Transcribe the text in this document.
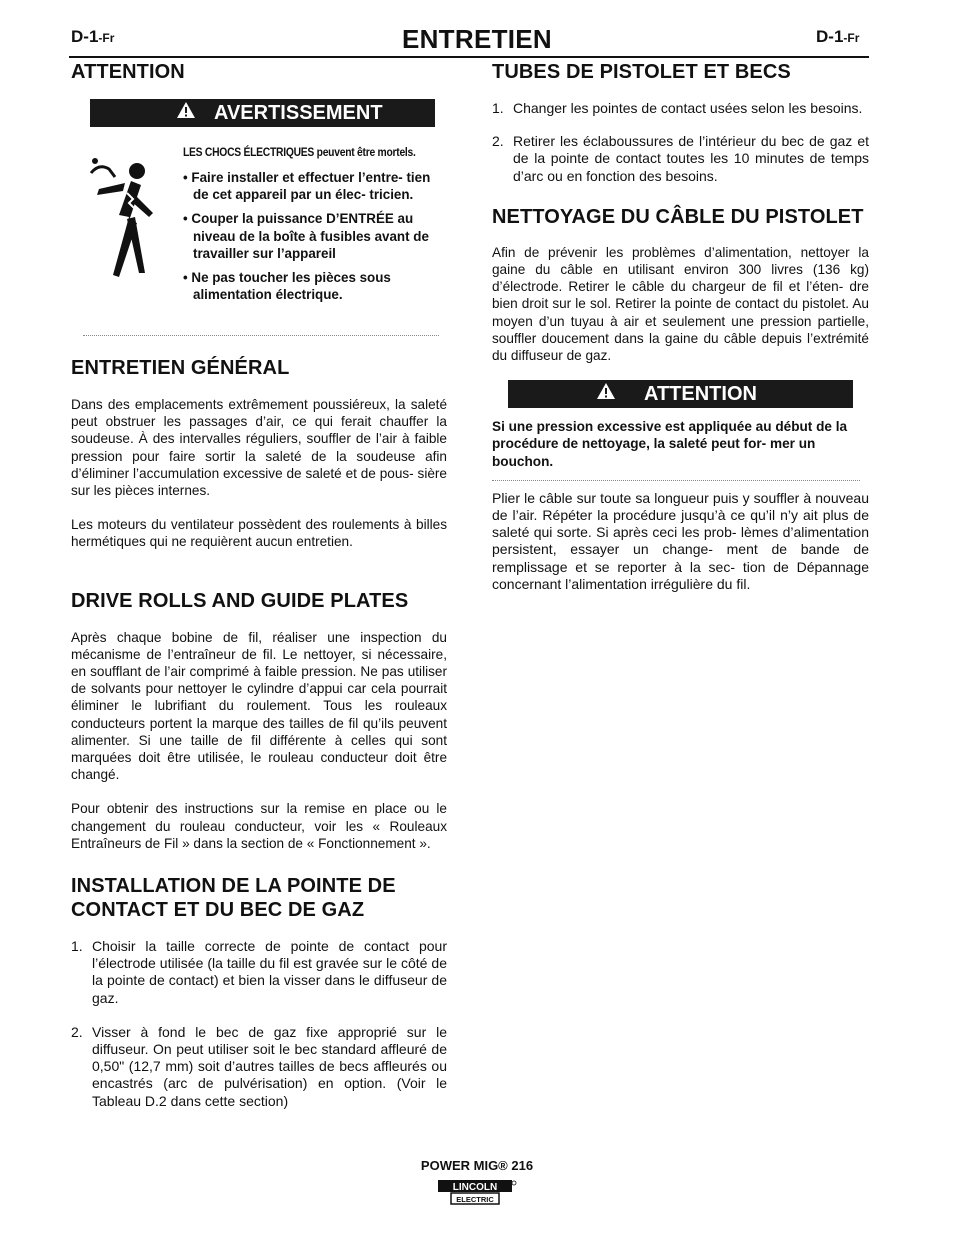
D-1-Fr	ENTRETIEN	D-1-Fr
ATTENTION
AVERTISSEMENT
LES CHOCS ÉLECTRIQUES peuvent être mortels.
• Faire installer et effectuer l’entre- tien de cet appareil par un élec- tricien.
• Couper la puissance D’ENTRÉE au niveau de la boîte à fusibles avant de travailler sur l’appareil
• Ne pas toucher les pièces sous alimentation électrique.
ENTRETIEN GÉNÉRAL

Dans des emplacements extrêmement poussiéreux, la saleté peut obstruer les passages d’air, ce qui ferait chauffer la soudeuse. À des intervalles réguliers, souffler de l’air à faible pression pour faire sortir la saleté de la soudeuse afin d’éliminer l’accumulation excessive de saleté et de pous- sière sur les pièces internes.

Les moteurs du ventilateur possèdent des roulements à billes hermétiques qui ne requièrent aucun entretien.

DRIVE ROLLS AND GUIDE PLATES

Après chaque bobine de fil, réaliser une inspection du mécanisme de l’entraîneur de fil. Le nettoyer, si nécessaire, en soufflant de l’air comprimé à faible pression. Ne pas utiliser de solvants pour nettoyer le cylindre d’appui car cela pourrait éliminer le lubrifiant du roulement. Tous les rouleaux conducteurs portent la marque des tailles de fil qu’ils peuvent alimenter. Si une taille de fil différente à celles qui sont marquées doit être utilisée, le rouleau conducteur doit être changé.

Pour obtenir des instructions sur la remise en place ou le changement du rouleau conducteur, voir les « Rouleaux Entraîneurs de Fil » dans la section de « Fonctionnement ».

INSTALLATION DE LA POINTE DE CONTACT ET DU BEC DE GAZ
1. Choisir la taille correcte de pointe de contact pour l’électrode utilisée (la taille du fil est gravée sur le côté de la pointe de contact) et bien la visser dans le diffuseur de gaz.
2. Visser à fond le bec de gaz fixe approprié sur le diffuseur. On peut utiliser soit le bec standard affleuré de 0,50" (12,7 mm) soit d’autres tailles de becs affleurés ou encastrés (arc de pulvérisation) en option. (Voir le Tableau D.2 dans cette section)
TUBES DE PISTOLET ET BECS
1. Changer les pointes de contact usées selon les besoins.
2. Retirer les éclaboussures de l’intérieur du bec de gaz et de la pointe de contact toutes les 10 minutes de temps d’arc ou en fonction des besoins.
NETTOYAGE DU CÂBLE DU PISTOLET

Afin de prévenir les problèmes d’alimentation, nettoyer la gaine du câble en utilisant environ 300 livres (136 kg) d’électrode. Retirer le câble du chargeur de fil et l’éten- dre bien droit sur le sol. Retirer la pointe de contact du pistolet. Au moyen d’un tuyau à air et seulement une pression partielle, souffler doucement dans la gaine du câble depuis l’extrémité du diffuseur de gaz.

ATTENTION

Si une pression excessive est appliquée au début de la procédure de nettoyage, la saleté peut for- mer un bouchon.

Plier le câble sur toute sa longueur puis y souffler à nouveau de l’air. Répéter la procédure jusqu’à ce qu’il n’y ait plus de saleté qui sorte. Si après ceci les prob- lèmes d’alimentation persistent, essayer un change- ment de bande de remplissage et se reporter à la sec- tion de Dépannage concernant l’alimentation irrégulière du fil.

POWER MIG® 216
LINCOLN
ELECTRIC
